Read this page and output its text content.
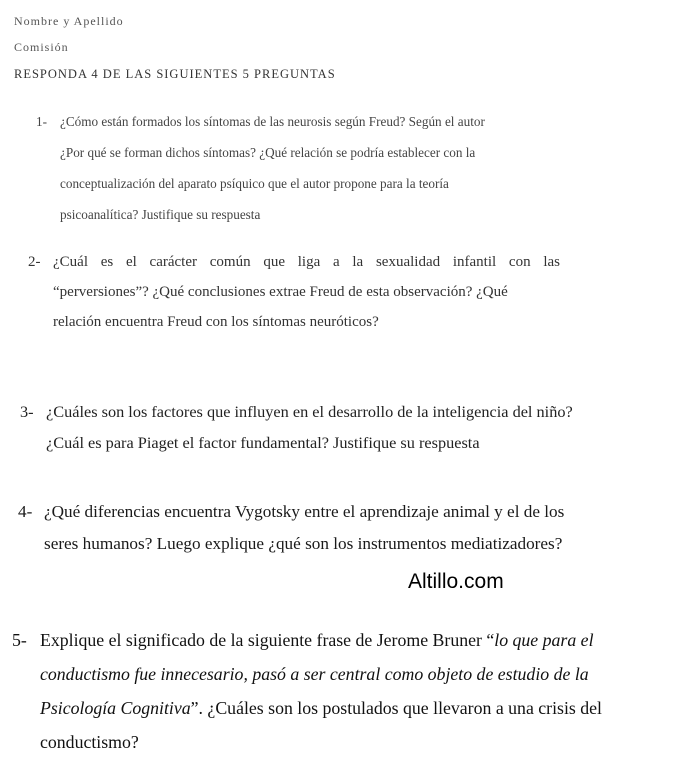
Nombre y Apellido
Comisión
RESPONDA 4 DE LAS SIGUIENTES 5 PREGUNTAS
1- ¿Cómo están formados los síntomas de las neurosis según Freud? Según el autor
¿Por qué se forman dichos síntomas? ¿Qué relación se podría establecer con la
conceptualización del aparato psíquico que el autor propone para la teoría
psicoanalítica? Justifique su respuesta
2- ¿Cuál es el carácter común que liga a la sexualidad infantil con las
“perversiones”? ¿Qué conclusiones extrae Freud de esta observación? ¿Qué
relación encuentra Freud con los síntomas neuróticos?
3- ¿Cuáles son los factores que influyen en el desarrollo de la inteligencia del niño?
¿Cuál es para Piaget el factor fundamental? Justifique su respuesta
4- ¿Qué diferencias encuentra Vygotsky entre el aprendizaje animal y el de los
seres humanos? Luego explique ¿qué son los instrumentos mediatizadores?
Altillo.com
5- Explique el significado de la siguiente frase de Jerome Bruner “lo que para el
conductismo fue innecesario, pasó a ser central como objeto de estudio de la
Psicología Cognitiva”. ¿Cuáles son los postulados que llevaron a una crisis del
conductismo?
